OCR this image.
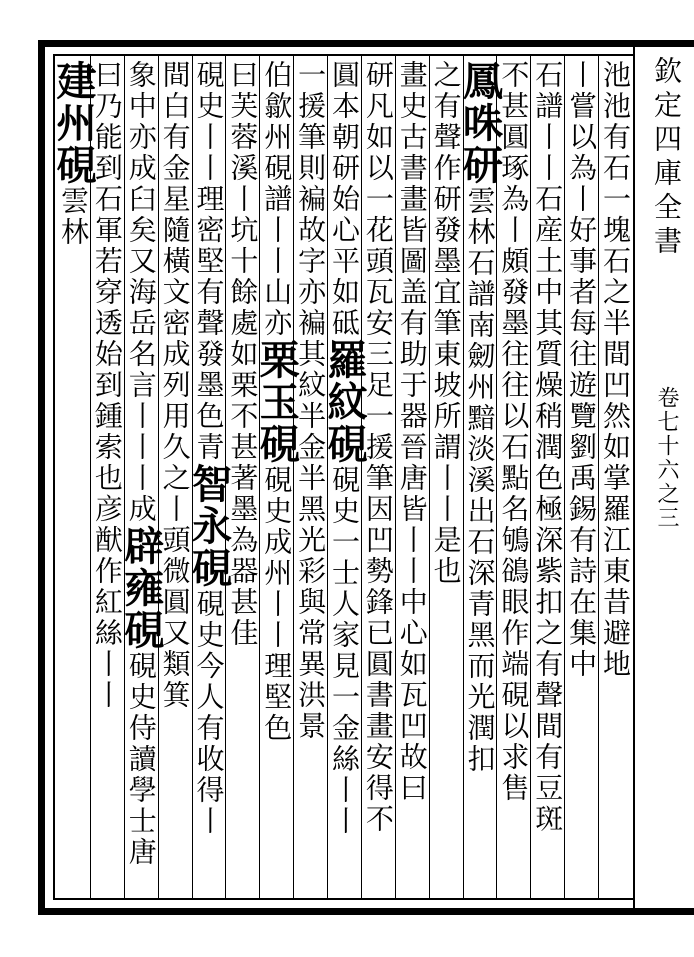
池池有石一塊石之半間凹然如掌羅江東昔避地
丨嘗以為丨好事者每往遊覽劉禹錫有詩在集中
石譜丨丨石産土中其質燥稍潤色極深紫扣之有聲間有豆斑
不甚圓琢為丨頗發墨往往以石點名鴝鵒眼作端硯以求售
鳳咮研雲林石譜南劒州黯淡溪出石深青黑而光潤扣
之有聲作研發墨宜筆東坡所謂丨丨是也
畫史古書畫皆圖盖有助于器晉唐皆丨丨中心如瓦凹故曰
研凡如以一花頭瓦安三足一援筆因凹勢鋒已圓書畫安得不
圓本朝研始心平如砥羅紋硯硯史一士人家見一金絲丨丨
一援筆則褊故字亦褊其紋半金半黑光彩與常異洪景
伯歙州硯譜丨丨山亦栗玉硯硯史成州丨丨理堅色
曰芙蓉溪丨坑十餘處如栗不甚著墨為器甚佳
硯史丨丨理密堅有聲發墨色青智永硯硯史今人有收得丨
間白有金星隨橫文密成列用久之丨頭微圓又類箕
象中亦成臼矣又海岳名言丨丨丨成辟雍硯硯史侍讀學士唐
曰乃能到石軍若穿透始到鍾索也彦猷作紅絲丨丨
建州硯雲林	欽定四庫全書
卷七十六之三
